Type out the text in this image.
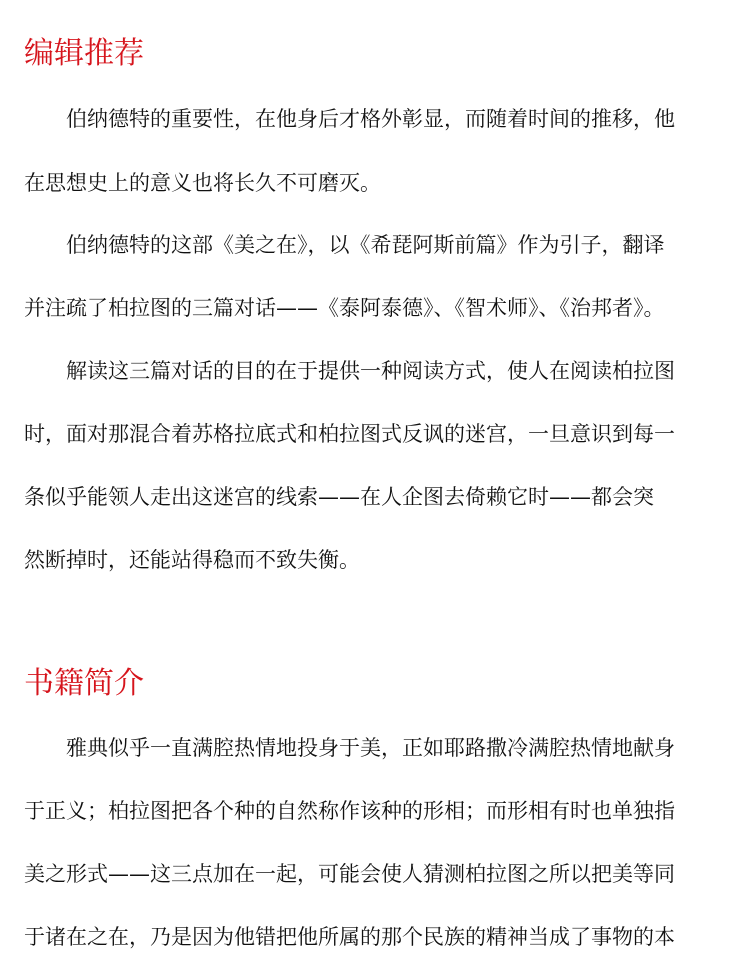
编辑推荐

伯纳德特的重要性，在他身后才格外彰显，而随着时间的推移，他

在思想史上的意义也将长久不可磨灭。

伯纳德特的这部《美之在》，以《希琵阿斯前篇》作为引子，翻译

并注疏了柏拉图的三篇对话——《泰阿泰德》、《智术师》、《治邦者》。

解读这三篇对话的目的在于提供一种阅读方式，使人在阅读柏拉图

时，面对那混合着苏格拉底式和柏拉图式反讽的迷宫，一旦意识到每一

条似乎能领人走出这迷宫的线索——在人企图去倚赖它时——都会突

然断掉时，还能站得稳而不致失衡。

书籍简介

雅典似乎一直满腔热情地投身于美，正如耶路撒冷满腔热情地献身

于正义；柏拉图把各个种的自然称作该种的形相；而形相有时也单独指

美之形式——这三点加在一起，可能会使人猜测柏拉图之所以把美等同

于诸在之在，乃是因为他错把他所属的那个民族的精神当成了事物的本
